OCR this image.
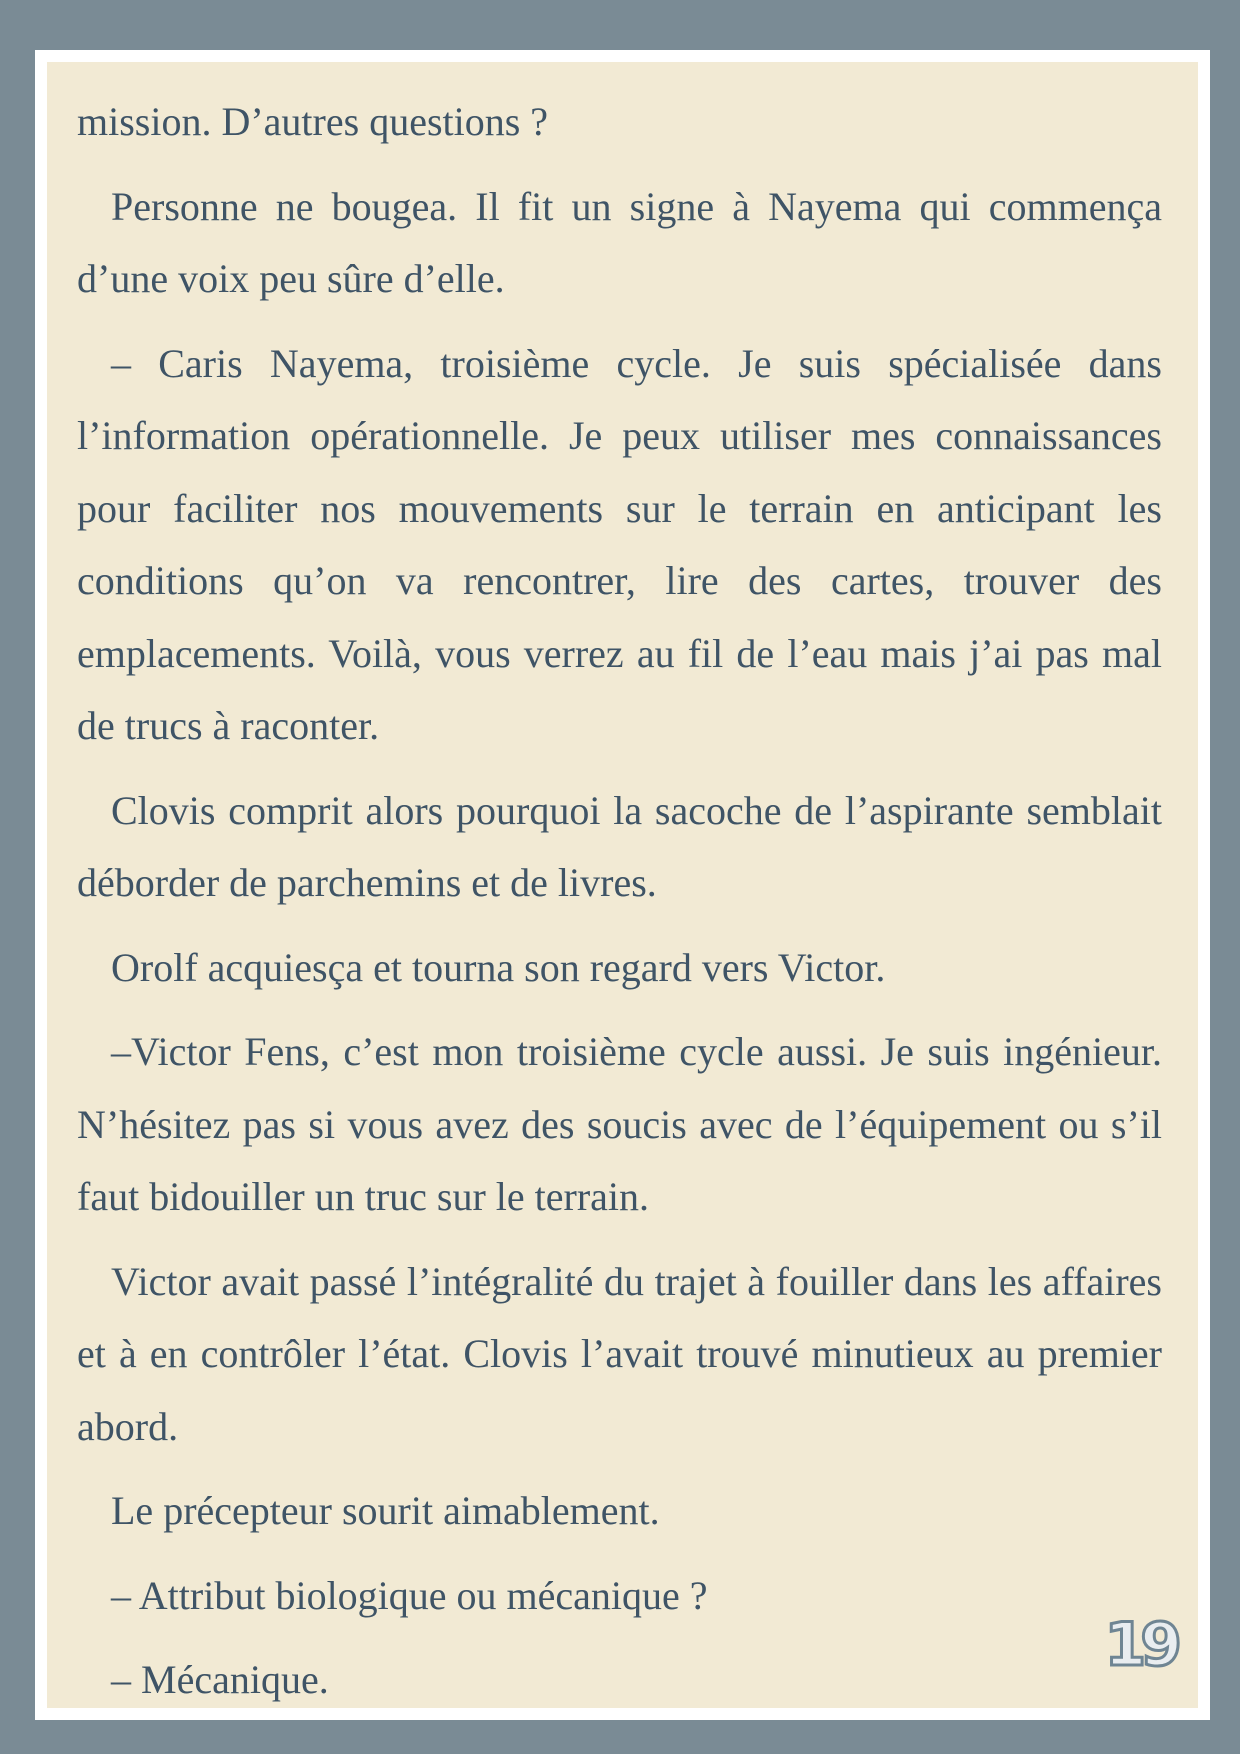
mission. D’autres questions ?

Personne ne bougea. Il fit un signe à Nayema qui commença d’une voix peu sûre d’elle.

– Caris Nayema, troisième cycle. Je suis spécialisée dans l’information opérationnelle. Je peux utiliser mes connaissances pour faciliter nos mouvements sur le terrain en anticipant les conditions qu’on va rencontrer, lire des cartes, trouver des emplacements. Voilà, vous verrez au fil de l’eau mais j’ai pas mal de trucs à raconter.

Clovis comprit alors pourquoi la sacoche de l’aspirante semblait déborder de parchemins et de livres.

Orolf acquiesça et tourna son regard vers Victor.

–Victor Fens, c’est mon troisième cycle aussi. Je suis ingénieur. N’hésitez pas si vous avez des soucis avec de l’équipement ou s’il faut bidouiller un truc sur le terrain.

Victor avait passé l’intégralité du trajet à fouiller dans les affaires et à en contrôler l’état. Clovis l’avait trouvé minutieux au premier abord.

Le précepteur sourit aimablement.

– Attribut biologique ou mécanique ?

– Mécanique.	19
